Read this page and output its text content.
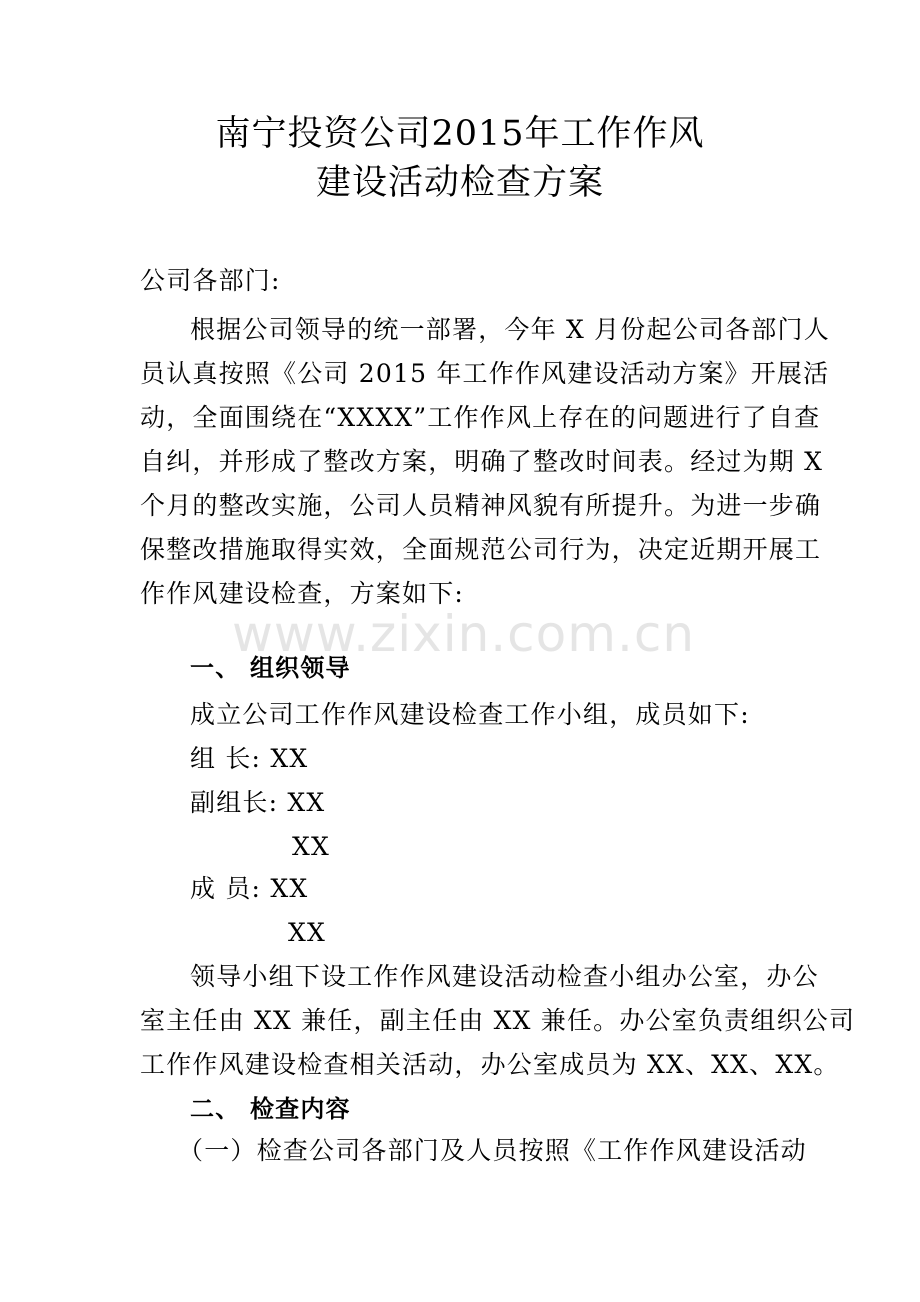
南宁投资公司2015年工作作风
建设活动检查方案
公司各部门:
根据公司领导的统一部署，今年 X 月份起公司各部门人
员认真按照《公司 2015 年工作作风建设活动方案》开展活
动，全面围绕在“XXXX”工作作风上存在的问题进行了自查
自纠，并形成了整改方案，明确了整改时间表。经过为期 X
个月的整改实施，公司人员精神风貌有所提升。为进一步确
保整改措施取得实效，全面规范公司行为，决定近期开展工
作作风建设检查，方案如下:
www.zixin.com.cn
一、 组织领导
成立公司工作作风建设检查工作小组，成员如下:
组 长: XX
副组长: XX
XX
成 员: XX
XX
领导小组下设工作作风建设活动检查小组办公室，办公
室主任由 XX 兼任，副主任由 XX 兼任。办公室负责组织公司
工作作风建设检查相关活动，办公室成员为 XX、XX、XX。
二、 检查内容
（一）检查公司各部门及人员按照《工作作风建设活动
